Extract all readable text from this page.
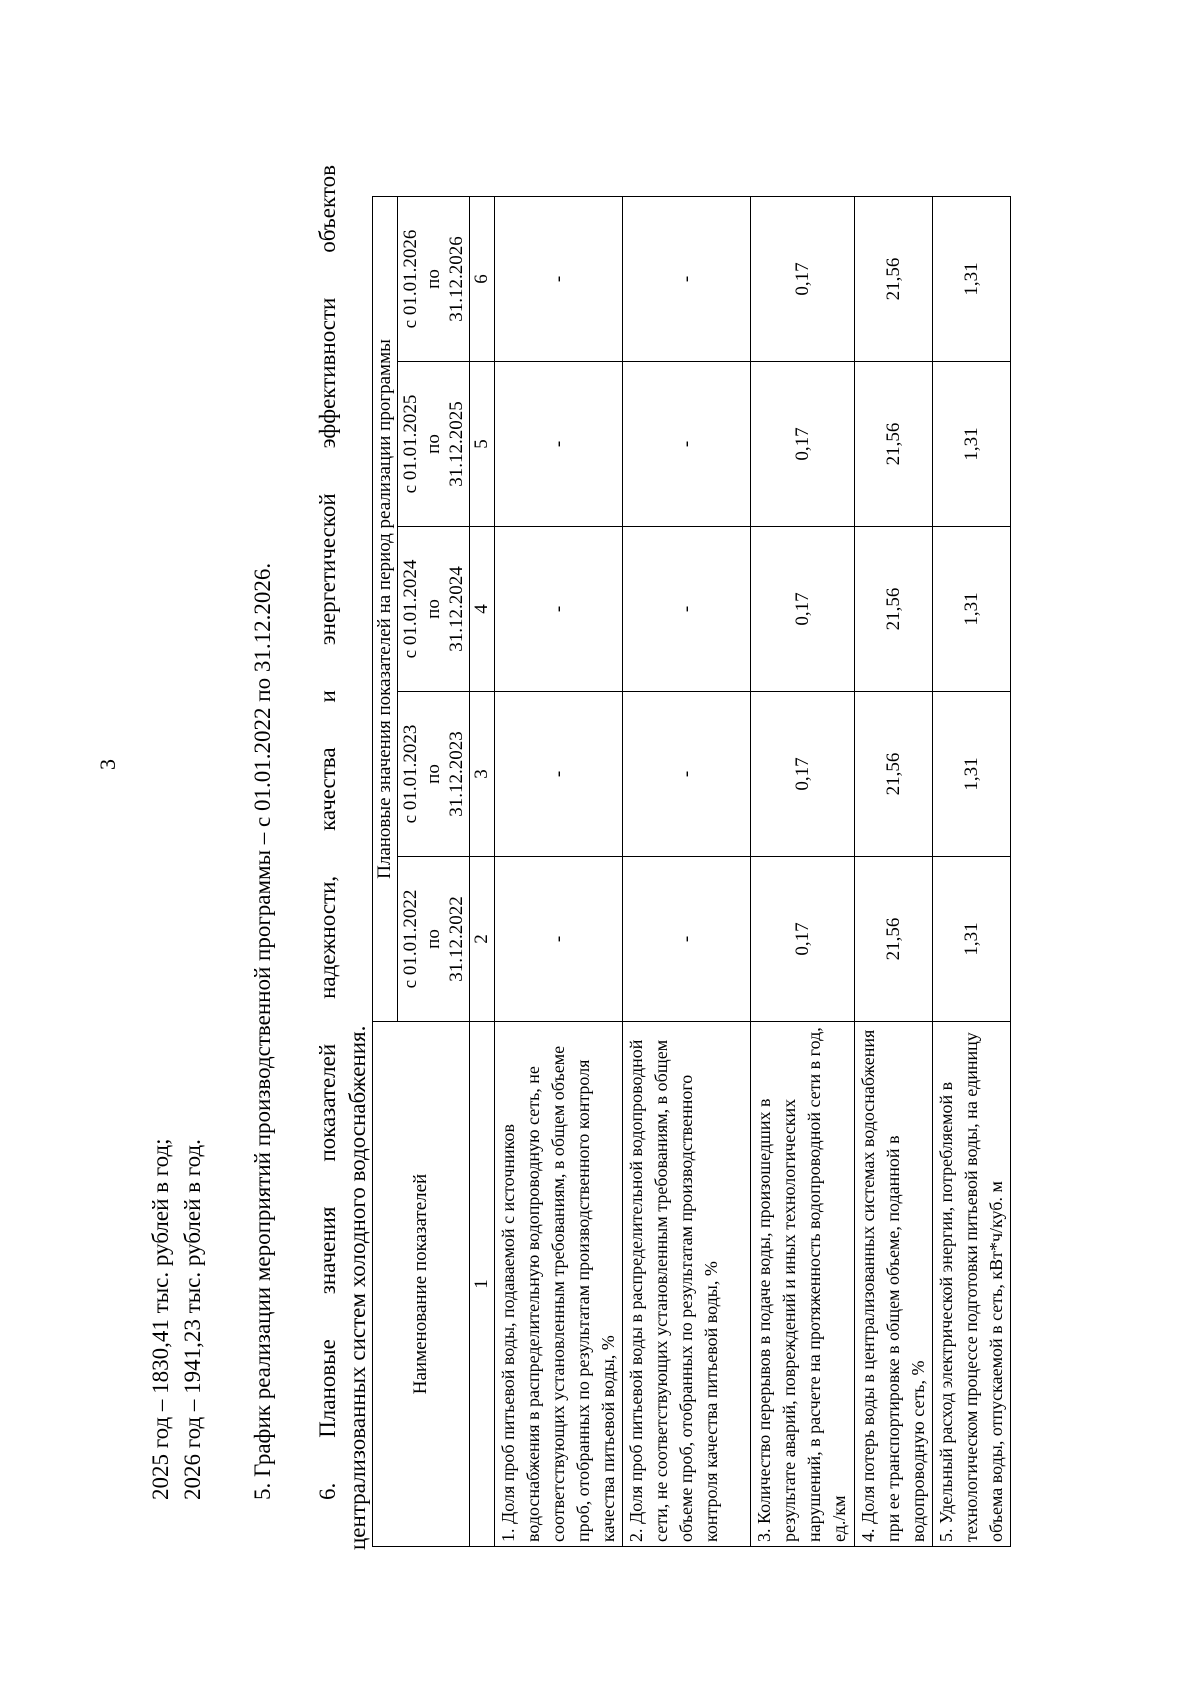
3
2025 год – 1830,41 тыс. рублей в год; 2026 год – 1941,23 тыс. рублей в год. 5. График реализации мероприятий производственной программы – с 01.01.2022 по 31.12.2026. 6. Плановые значения показателей надежности, качества и энергетической эффективности объектов централизованных систем холодного водоснабжения. Наименование показателей	Плановые значения показателей на период реализации программы				
	с 01.01.2022 по 31.12.2022	с 01.01.2023 по 31.12.2023	с 01.01.2024 по 31.12.2024	с 01.01.2025 по 31.12.2025	с 01.01.2026 по 31.12.2026
1	2	3	4	5	6
1. Доля проб питьевой воды, подаваемой с источников водоснабжения в распределительную водопроводную сеть, не соответствующих установленным требованиям, в общем объеме проб, отобранных по результатам производственного контроля качества питьевой воды, %	-	-	-	-	-
2. Доля проб питьевой воды в распределительной водопроводной сети, не соответствующих установленным требованиям, в общем объеме проб, отобранных по результатам производственного контроля качества питьевой воды, %	-	-	-	-	-
3. Количество перерывов в подаче воды, произошедших в результате аварий, повреждений и иных технологических нарушений, в расчете на протяженность водопроводной сети в год, ед./км	0,17	0,17	0,17	0,17	0,17
4. Доля потерь воды в централизованных системах водоснабжения при ее транспортировке в общем объеме, поданной в водопроводную сеть, %	21,56	21,56	21,56	21,56	21,56
5. Удельный расход электрической энергии, потребляемой в технологическом процессе подготовки питьевой воды, на единицу объема воды, отпускаемой в сеть, кВт*ч/куб. м	1,31	1,31	1,31	1,31	1,31
